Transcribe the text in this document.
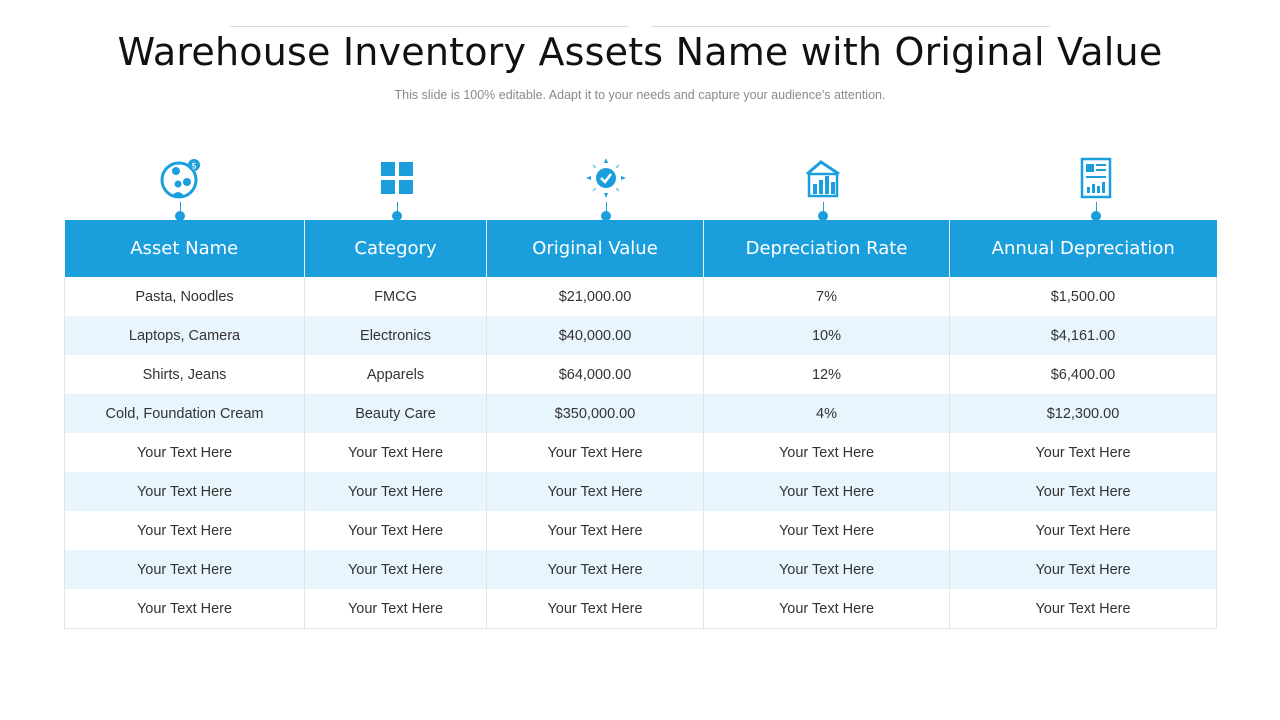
Warehouse Inventory Assets Name with Original Value
This slide is 100% editable. Adapt it to your needs and capture your audience's attention.
$
Asset Name	Category	Original Value	Depreciation Rate	Annual Depreciation
Pasta, Noodles	FMCG	$21,000.00	7%	$1,500.00
Laptops, Camera	Electronics	$40,000.00	10%	$4,161.00
Shirts, Jeans	Apparels	$64,000.00	12%	$6,400.00
Cold, Foundation Cream	Beauty Care	$350,000.00	4%	$12,300.00
Your Text Here	Your Text Here	Your Text Here	Your Text Here	Your Text Here
Your Text Here	Your Text Here	Your Text Here	Your Text Here	Your Text Here
Your Text Here	Your Text Here	Your Text Here	Your Text Here	Your Text Here
Your Text Here	Your Text Here	Your Text Here	Your Text Here	Your Text Here
Your Text Here	Your Text Here	Your Text Here	Your Text Here	Your Text Here
